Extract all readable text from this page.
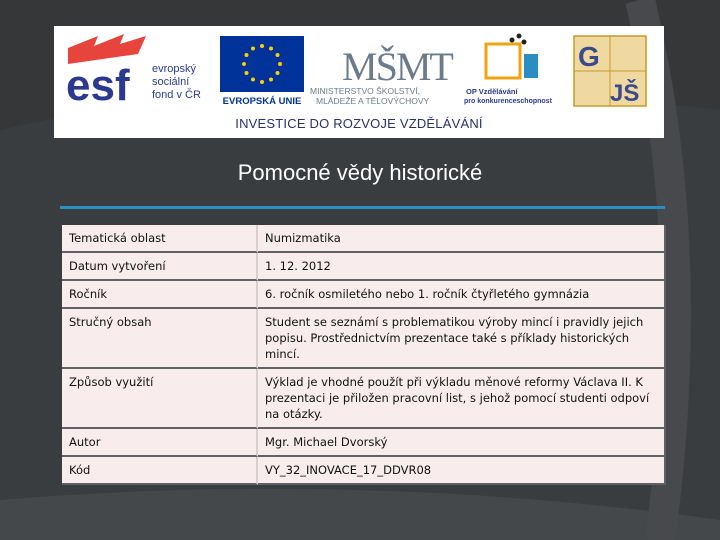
esf evropský
sociální
fond v ČR
EVROPSKÁ UNIE
MŠMT
MINISTERSTVO ŠKOLSTVÍ,
MLÁDEŽE A TĚLOVÝCHOVY
OP Vzdělávání
pro konkurenceschopnost
G
JŠ
INVESTICE DO ROZVOJE VZDĚLÁVÁNÍ
Pomocné vědy historické
Tematická oblast	Numizmatika
Datum vytvoření	1. 12. 2012
Ročník	6. ročník osmiletého nebo 1. ročník čtyřletého gymnázia
Stručný obsah	Student se seznámí s problematikou výroby mincí i pravidly jejich popisu. Prostřednictvím prezentace také s příklady historických mincí.
Způsob využití	Výklad je vhodné použít při výkladu měnové reformy Václava II. K prezentaci je přiložen pracovní list, s jehož pomocí studenti odpoví na otázky.
Autor	Mgr. Michael Dvorský
Kód	VY_32_INOVACE_17_DDVR08
